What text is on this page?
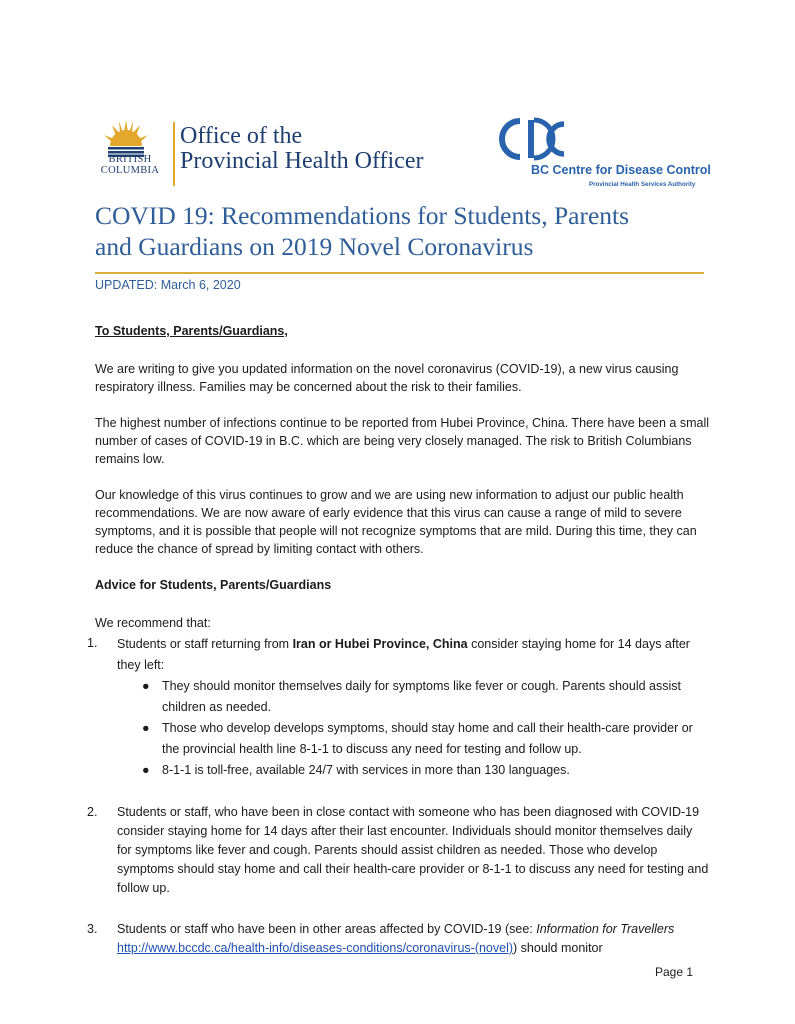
BRITISH
COLUMBIA
Office of the
Provincial Health Officer	BC Centre for Disease Control
Provincial Health Services Authority
COVID 19: Recommendations for Students, Parents
and Guardians on 2019 Novel Coronavirus
UPDATED: March 6, 2020
To Students, Parents/Guardians,
We are writing to give you updated information on the novel coronavirus (COVID-19), a new virus causing respiratory illness. Families may be concerned about the risk to their families.
The highest number of infections continue to be reported from Hubei Province, China. There have been a small number of cases of COVID-19 in B.C. which are being very closely managed. The risk to British Columbians remains low.
Our knowledge of this virus continues to grow and we are using new information to adjust our public health recommendations. We are now aware of early evidence that this virus can cause a range of mild to severe symptoms, and it is possible that people will not recognize symptoms that are mild. During this time, they can reduce the chance of spread by limiting contact with others.
Advice for Students, Parents/Guardians
We recommend that:
1.	Students or staff returning from Iran or Hubei Province, China consider staying home for 14 days after they left:
● They should monitor themselves daily for symptoms like fever or cough. Parents should assist children as needed.
● Those who develop develops symptoms, should stay home and call their health-care provider or the provincial health line 8-1-1 to discuss any need for testing and follow up.
● 8-1-1 is toll-free, available 24/7 with services in more than 130 languages.
2.	Students or staff, who have been in close contact with someone who has been diagnosed with COVID-19 consider staying home for 14 days after their last encounter. Individuals should monitor themselves daily for symptoms like fever and cough. Parents should assist children as needed. Those who develop symptoms should stay home and call their health-care provider or 8-1-1 to discuss any need for testing and follow up.
3.	Students or staff who have been in other areas affected by COVID-19 (see: Information for Travellers http://www.bccdc.ca/health-info/diseases-conditions/coronavirus-(novel)) should monitor
Page 1
